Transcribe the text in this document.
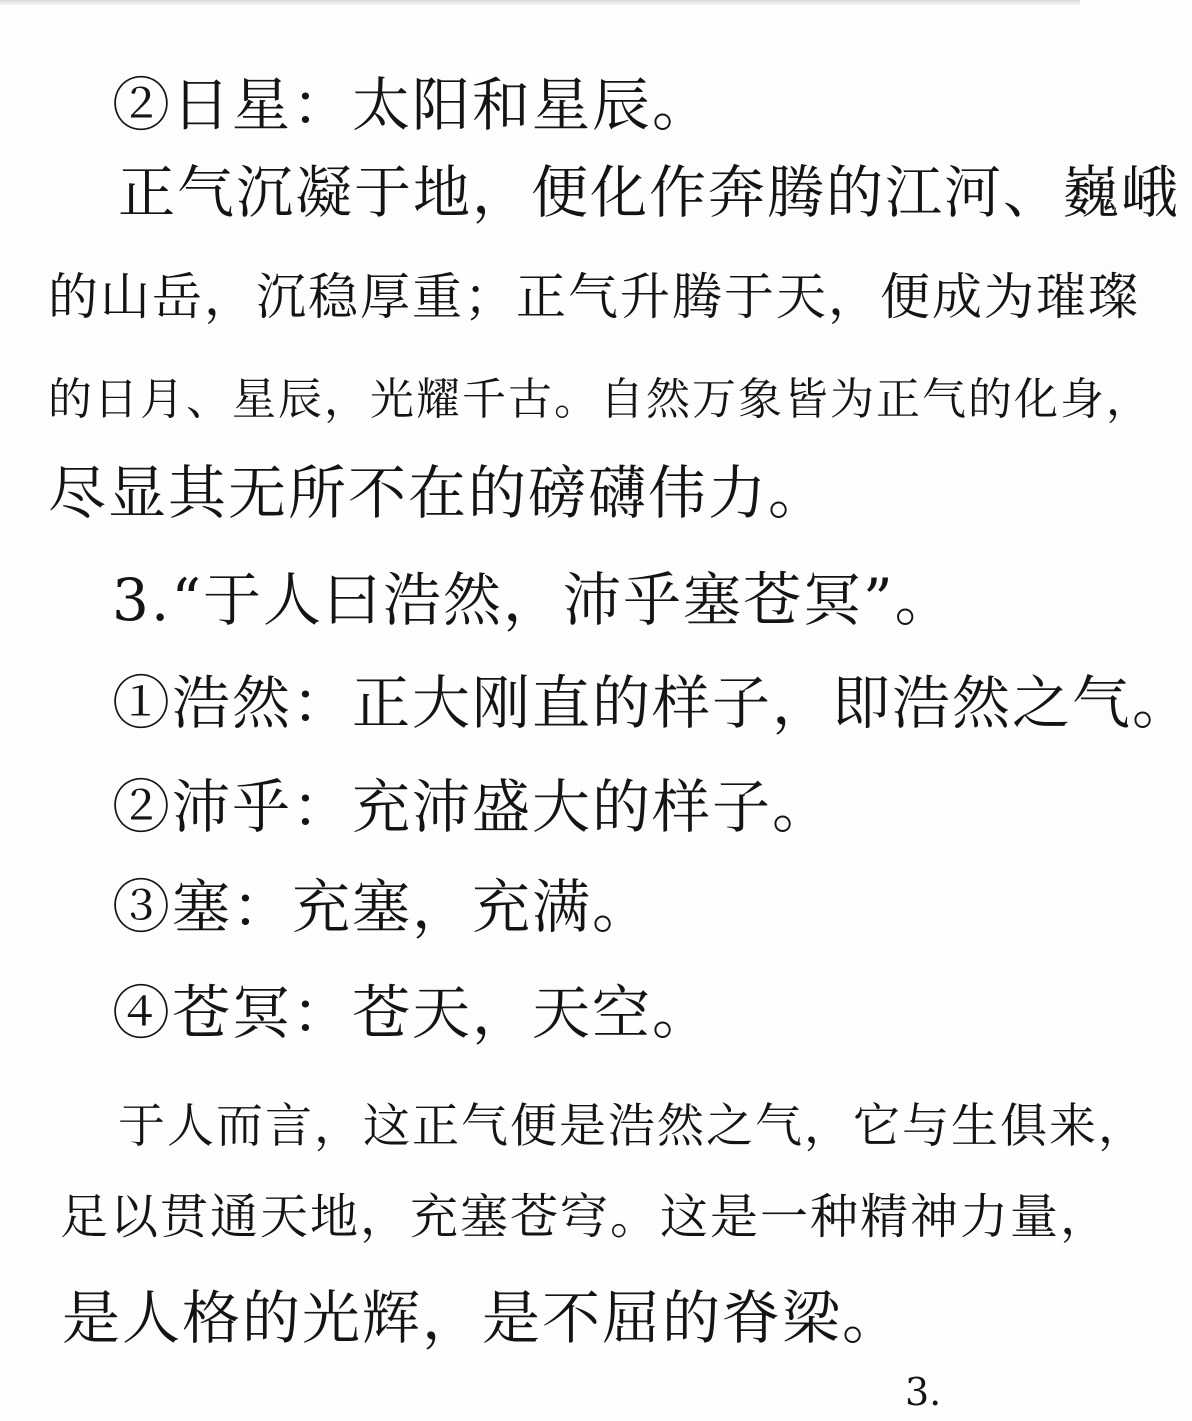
②日星：太阳和星辰。
正气沉凝于地，便化作奔腾的江河、巍峨
的山岳，沉稳厚重；正气升腾于天，便成为璀璨
的日月、星辰，光耀千古。自然万象皆为正气的化身，
尽显其无所不在的磅礴伟力。
3.“于人曰浩然，沛乎塞苍冥”。
①浩然：正大刚直的样子，即浩然之气。
②沛乎：充沛盛大的样子。
③塞：充塞，充满。
④苍冥：苍天，天空。
于人而言，这正气便是浩然之气，它与生俱来，
足以贯通天地，充塞苍穹。这是一种精神力量，
是人格的光辉，是不屈的脊梁。
3.
